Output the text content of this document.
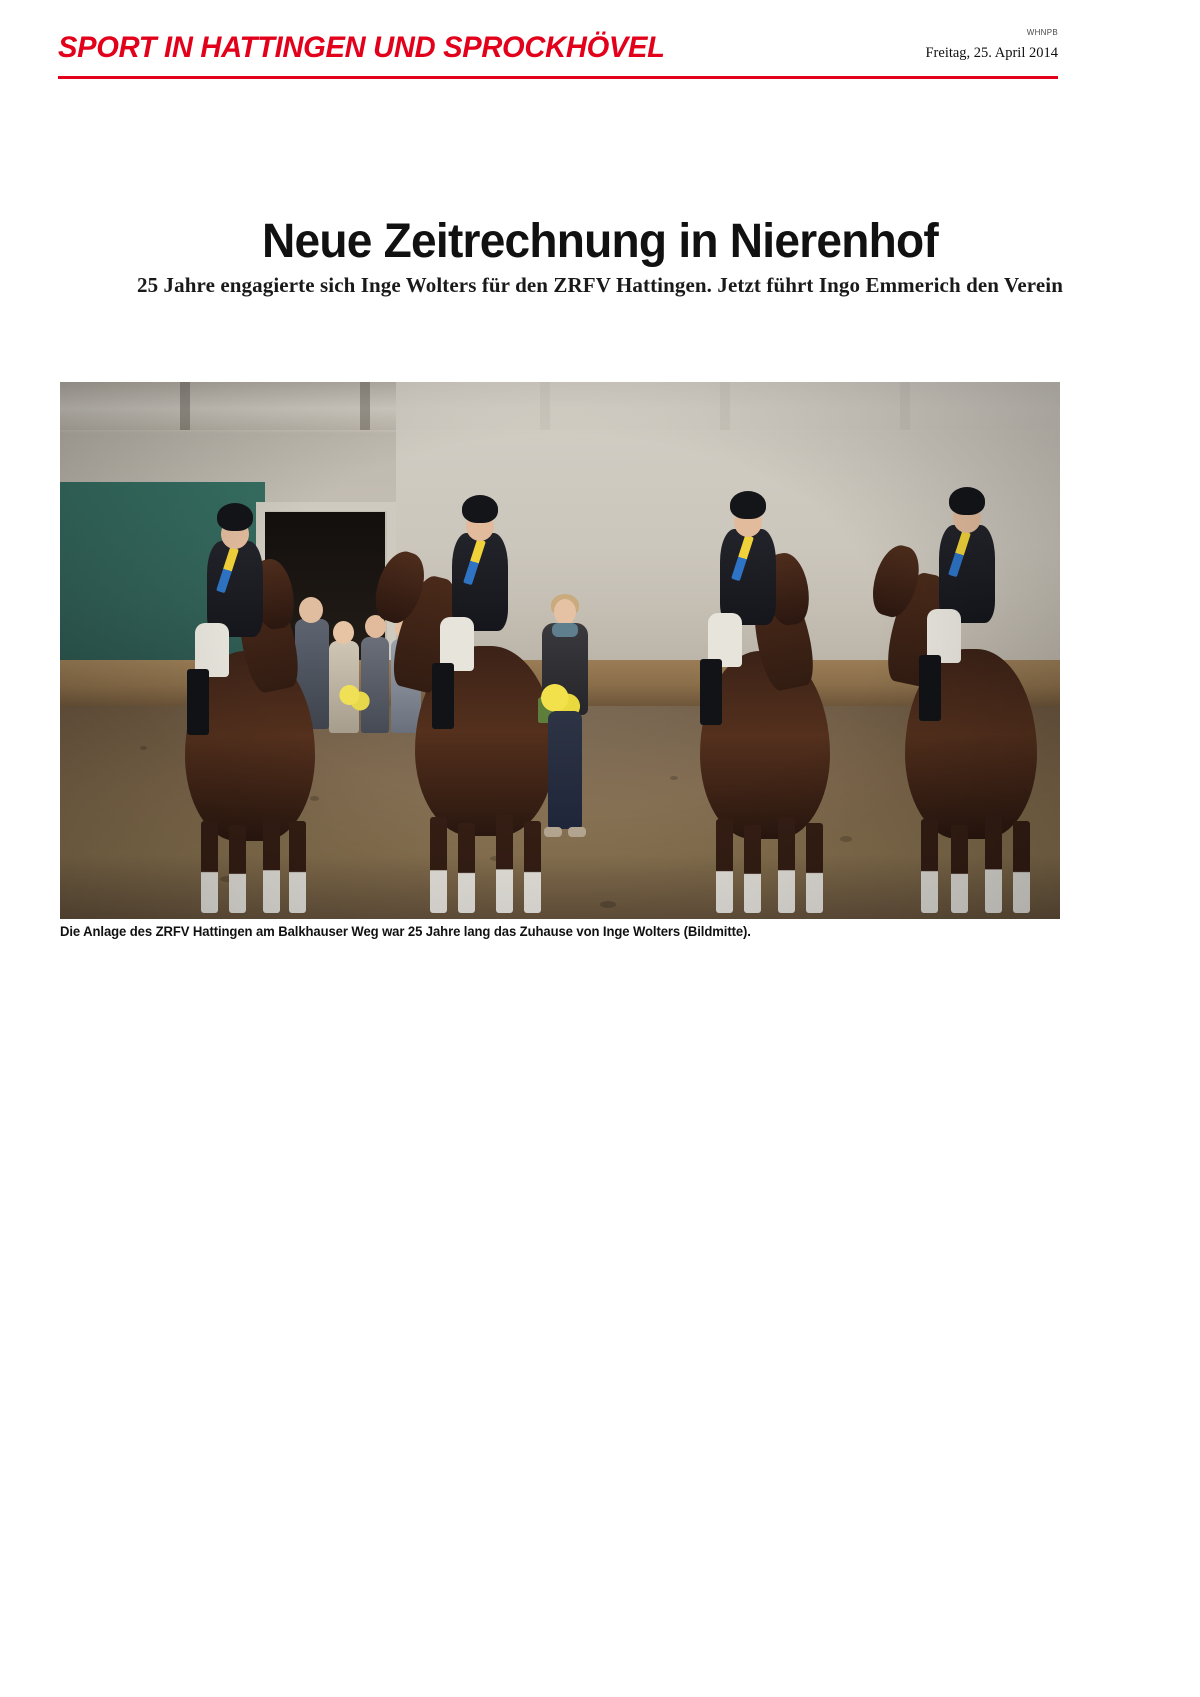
SPORT IN HATTINGEN UND SPROCKHÖVEL	WHNPB
Freitag, 25. April 2014
Neue Zeitrechnung in Nierenhof
25 Jahre engagierte sich Inge Wolters für den ZRFV Hattingen. Jetzt führt Ingo Emmerich den Verein
Die Anlage des ZRFV Hattingen am Balkhauser Weg war 25 Jahre lang das Zuhause von Inge Wolters (Bildmitte).
